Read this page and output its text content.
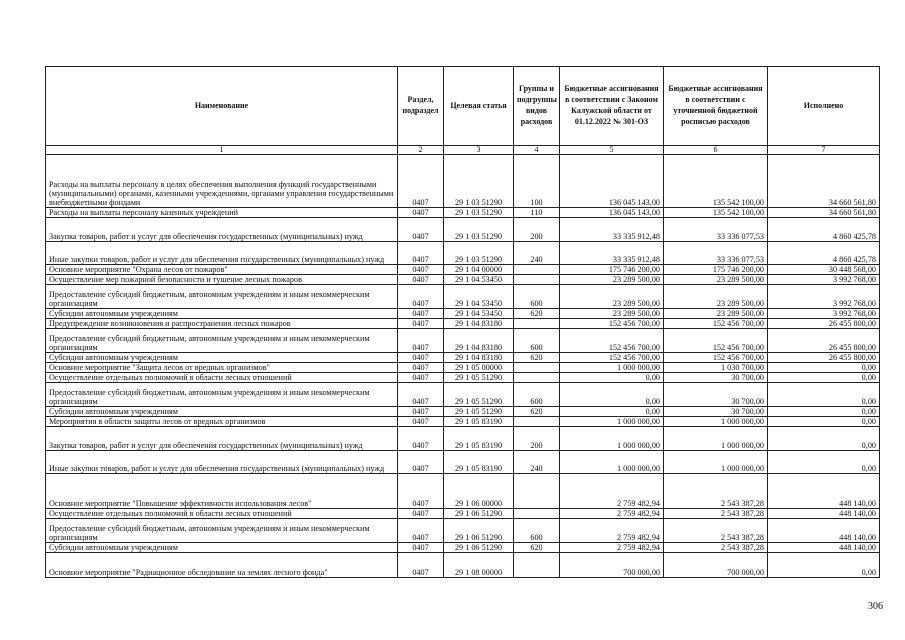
Наименование	Раздел, подраздел	Целевая статья	Группы и подгруппы видов расходов	Бюджетные ассигнования в соответствии с Законом Калужской области от 01.12.2022 № 301-ОЗ	Бюджетные ассигнования в соответствии с уточненной бюджетной росписью расходов	Исполнено
1	2	3	4	5	6	7
Расходы на выплаты персоналу в целях обеспечения выполнения функций государственными (муниципальными) органами, казенными учреждениями, органами управления государственными внебюджетными фондами	0407	29 1 03 51290	100	136 045 143,00	135 542 100,00	34 660 561,80
Расходы на выплаты персоналу казенных учреждений	0407	29 1 03 51290	110	136 045 143,00	135 542 100,00	34 660 561,80
Закупка товаров, работ и услуг для обеспечения государственных (муниципальных) нужд	0407	29 1 03 51290	200	33 335 912,48	33 336 077,53	4 860 425,78
Иные закупки товаров, работ и услуг для обеспечения государственных (муниципальных) нужд	0407	29 1 03 51290	240	33 335 912,48	33 336 077,53	4 860 425,78
Основное мероприятие "Охрана лесов от пожаров"	0407	29 1 04 00000		175 746 200,00	175 746 200,00	30 448 568,00
Осуществление мер пожарной безопасности и тушение лесных пожаров	0407	29 1 04 53450		23 289 500,00	23 289 500,00	3 992 768,00
Предоставление субсидий бюджетным, автономным учреждениям и иным некоммерческим организациям	0407	29 1 04 53450	600	23 289 500,00	23 289 500,00	3 992 768,00
Субсидии автономным учреждениям	0407	29 1 04 53450	620	23 289 500,00	23 289 500,00	3 992 768,00
Предупреждение возникновения и распространения лесных пожаров	0407	29 1 04 83180		152 456 700,00	152 456 700,00	26 455 800,00
Предоставление субсидий бюджетным, автономным учреждениям и иным некоммерческим организациям	0407	29 1 04 83180	600	152 456 700,00	152 456 700,00	26 455 800,00
Субсидии автономным учреждениям	0407	29 1 04 83180	620	152 456 700,00	152 456 700,00	26 455 800,00
Основное мероприятие "Защита лесов от вредных организмов"	0407	29 1 05 00000		1 000 000,00	1 030 700,00	0,00
Осуществление отдельных полномочий в области лесных отношений	0407	29 1 05 51290		0,00	30 700,00	0,00
Предоставление субсидий бюджетным, автономным учреждениям и иным некоммерческим организациям	0407	29 1 05 51290	600	0,00	30 700,00	0,00
Субсидии автономным учреждениям	0407	29 1 05 51290	620	0,00	30 700,00	0,00
Мероприятия в области защиты лесов от вредных организмов	0407	29 1 05 83190		1 000 000,00	1 000 000,00	0,00
Закупка товаров, работ и услуг для обеспечения государственных (муниципальных) нужд	0407	29 1 05 83190	200	1 000 000,00	1 000 000,00	0,00
Иные закупки товаров, работ и услуг для обеспечения государственных (муниципальных) нужд	0407	29 1 05 83190	240	1 000 000,00	1 000 000,00	0,00
Основное мероприятие "Повышение эффективности использования лесов"	0407	29 1 06 00000		2 759 482,94	2 543 387,28	448 140,00
Осуществление отдельных полномочий в области лесных отношений	0407	29 1 06 51290		2 759 482,94	2 543 387,28	448 140,00
Предоставление субсидий бюджетным, автономным учреждениям и иным некоммерческим организациям	0407	29 1 06 51290	600	2 759 482,94	2 543 387,28	448 140,00
Субсидии автономным учреждениям	0407	29 1 06 51290	620	2 759 482,94	2 543 387,28	448 140,00
Основное мероприятие "Радиационное обследование на землях лесного фонда"	0407	29 1 08 00000		700 000,00	700 000,00	0,00
306
